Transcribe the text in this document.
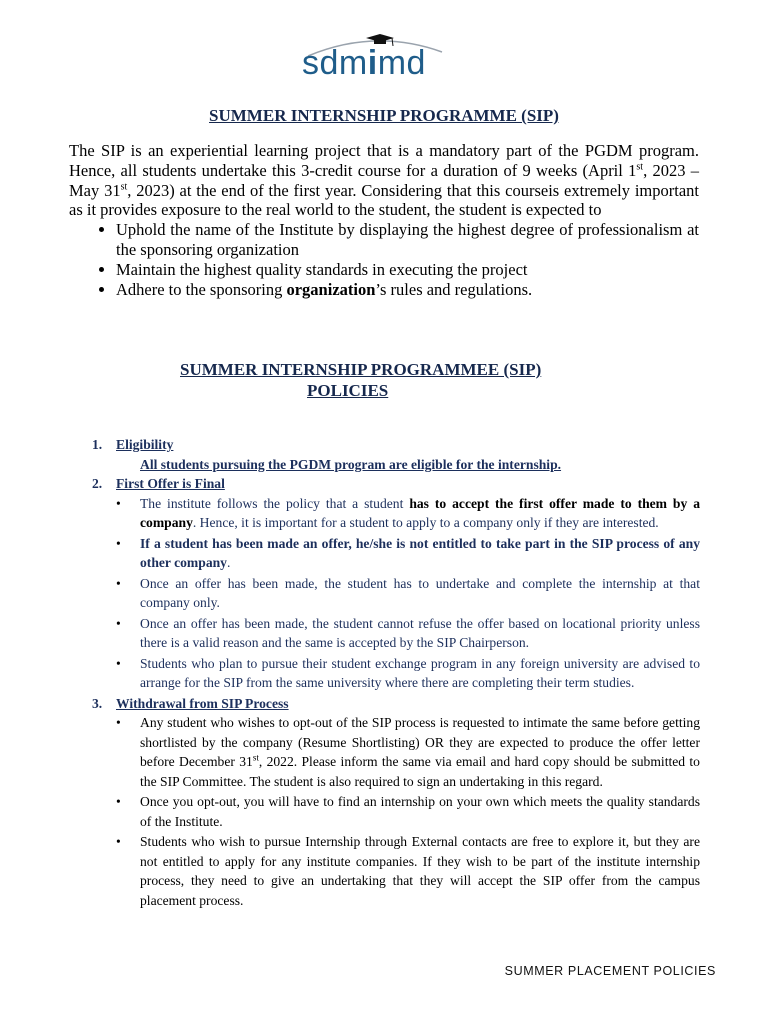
sdmimd
SUMMER INTERNSHIP PROGRAMME (SIP)

The SIP is an experiential learning project that is a mandatory part of the PGDM program. Hence, all students undertake this 3-credit course for a duration of 9 weeks (April 1st, 2023 – May 31st, 2023) at the end of the first year. Considering that this courseis extremely important as it provides exposure to the real world to the student, the student is expected to

• Uphold the name of the Institute by displaying the highest degree of professionalism at the sponsoring organization
• Maintain the highest quality standards in executing the project
• Adhere to the sponsoring organization’s rules and regulations.
SUMMER INTERNSHIP PROGRAMMEE (SIP)
POLICIES
1. Eligibility
All students pursuing the PGDM program are eligible for the internship.
2. First Offer is Final
• The institute follows the policy that a student has to accept the first offer made to them by a company. Hence, it is important for a student to apply to a company only if they are interested.
• If a student has been made an offer, he/she is not entitled to take part in the SIP process of any other company.
• Once an offer has been made, the student has to undertake and complete the internship at that company only.
• Once an offer has been made, the student cannot refuse the offer based on locational priority unless there is a valid reason and the same is accepted by the SIP Chairperson.
• Students who plan to pursue their student exchange program in any foreign university are advised to arrange for the SIP from the same university where there are completing their term studies.
3. Withdrawal from SIP Process
• Any student who wishes to opt-out of the SIP process is requested to intimate the same before getting shortlisted by the company (Resume Shortlisting) OR they are expected to produce the offer letter before December 31st, 2022. Please inform the same via email and hard copy should be submitted to the SIP Committee. The student is also required to sign an undertaking in this regard.
• Once you opt-out, you will have to find an internship on your own which meets the quality standards of the Institute.
• Students who wish to pursue Internship through External contacts are free to explore it, but they are not entitled to apply for any institute companies. If they wish to be part of the institute internship process, they need to give an undertaking that they will accept the SIP offer from the campus placement process.
SUMMER PLACEMENT POLICIES
